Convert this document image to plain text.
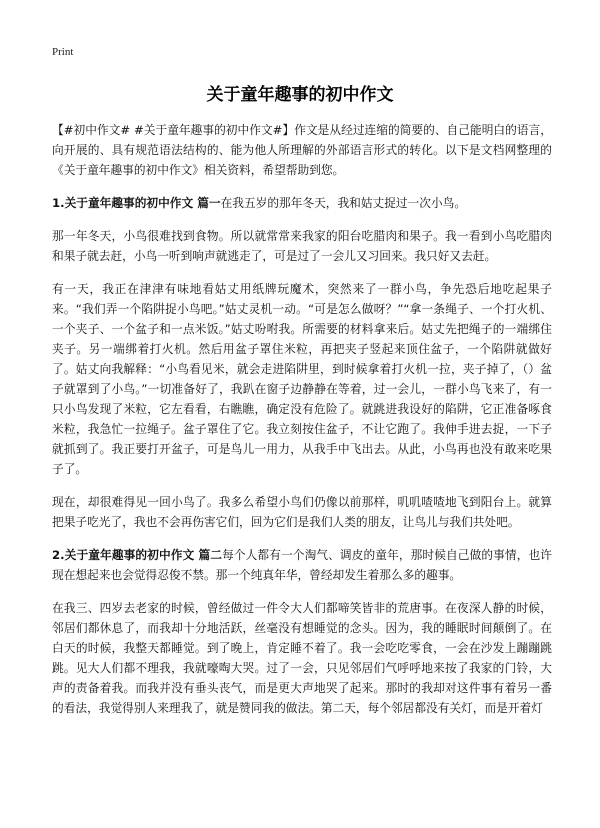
Print
关于童年趣事的初中作文

【#初中作文# #关于童年趣事的初中作文#】作文是从经过连缩的简要的、自己能明白的语言，向开展的、具有规范语法结构的、能为他人所理解的外部语言形式的转化。以下是文档网整理的《关于童年趣事的初中作文》相关资料，希望帮助到您。

1.关于童年趣事的初中作文 篇一在我五岁的那年冬天，我和姑丈捉过一次小鸟。

那一年冬天，小鸟很难找到食物。所以就常常来我家的阳台吃腊肉和果子。我一看到小鸟吃腊肉和果子就去赶，小鸟一听到响声就逃走了，可是过了一会儿又习回来。我只好又去赶。

有一天，我正在津津有味地看姑丈用纸牌玩魔术，突然来了一群小鸟，争先恐后地吃起果子来。“我们弄一个陷阱捉小鸟吧。”姑丈灵机一动。“可是怎么做呀？”“拿一条绳子、一个打火机、一个夹子、一个盆子和一点米饭。”姑丈吩咐我。所需要的材料拿来后。姑丈先把绳子的一端绑住夹子。另一端绑着打火机。然后用盆子罩住米粒，再把夹子竖起来顶住盆子，一个陷阱就做好了。姑丈向我解释：“小鸟看见米，就会走进陷阱里，到时候拿着打火机一拉，夹子掉了，（）盆子就罩到了小鸟。”一切准备好了，我趴在窗子边静静在等着，过一会儿，一群小鸟飞来了，有一只小鸟发现了米粒，它左看看，右瞧瞧，确定没有危险了。就跳进我设好的陷阱，它正准备啄食米粒，我急忙一拉绳子。盆子罩住了它。我立刻按住盆子，不让它跑了。我伸手进去捉，一下子就抓到了。我正要打开盆子，可是鸟儿一用力，从我手中飞出去。从此，小鸟再也没有敢来吃果子了。

现在，却很难得见一回小鸟了。我多么希望小鸟们仍像以前那样，叽叽喳喳地飞到阳台上。就算把果子吃光了，我也不会再伤害它们，回为它们是我们人类的朋友，让鸟儿与我们共处吧。

2.关于童年趣事的初中作文 篇二每个人都有一个淘气、调皮的童年，那时候自己做的事情，也许现在想起来也会觉得忍俊不禁。那一个纯真年华，曾经却发生着那么多的趣事。

在我三、四岁去老家的时候，曾经做过一件令大人们都啼笑皆非的荒唐事。在夜深人静的时候，邻居们都休息了，而我却十分地活跃，丝毫没有想睡觉的念头。因为，我的睡眠时间颠倒了。在白天的时候，我整天都睡觉。到了晚上，肯定睡不着了。我一会吃吃零食，一会在沙发上蹦蹦跳跳。见大人们都不理我，我就嚎啕大哭。过了一会，只见邻居们气呼呼地来按了我家的门铃，大声的责备着我。而我并没有垂头丧气，而是更大声地哭了起来。那时的我却对这件事有着另一番的看法，我觉得别人来理我了，就是赞同我的做法。第二天，每个邻居都没有关灯，而是开着灯
